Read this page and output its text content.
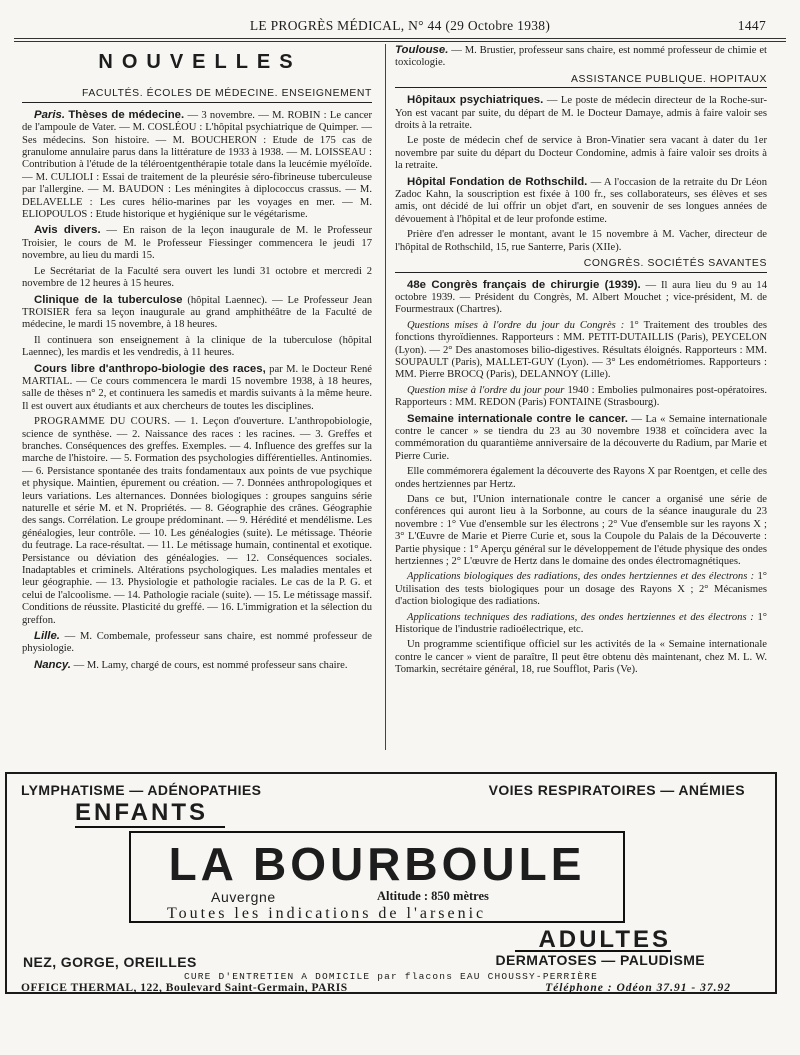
LE PROGRÈS MÉDICAL, N° 44 (29 Octobre 1938)	1447
NOUVELLES
FACULTÉS. ÉCOLES DE MÉDECINE. ENSEIGNEMENT

Paris. Thèses de médecine. — 3 novembre. — M. ROBIN : Le cancer de l'ampoule de Vater. — M. COSLÉOU : L'hôpital psychiatrique de Quimper. — Ses médecins. Son histoire. — M. BOUCHERON : Etude de 175 cas de granulome annulaire parus dans la littérature de 1933 à 1938. — M. LOISSEAU : Contribution à l'étude de la téléroentgenthérapie totale dans la leucémie myéloïde. — M. CULIOLI : Essai de traitement de la pleurésie séro-fibrineuse tuberculeuse par l'allergine. — M. BAUDON : Les méningites à diplococcus crassus. — M. DELAVELLE : Les cures hélio-marines par les voyages en mer. — M. ELIOPOULOS : Etude historique et hygiénique sur le végétarisme.

Avis divers. — En raison de la leçon inaugurale de M. le Professeur Troisier, le cours de M. le Professeur Fiessinger commencera le jeudi 17 novembre, au lieu du mardi 15.

Le Secrétariat de la Faculté sera ouvert les lundi 31 octobre et mercredi 2 novembre de 12 heures à 15 heures.

Clinique de la tuberculose (hôpital Laennec). — Le Professeur Jean TROISIER fera sa leçon inaugurale au grand amphithéâtre de la Faculté de médecine, le mardi 15 novembre, à 18 heures.

Il continuera son enseignement à la clinique de la tuberculose (hôpital Laennec), les mardis et les vendredis, à 11 heures.

Cours libre d'anthropo-biologie des races, par M. le Docteur René MARTIAL. — Ce cours commencera le mardi 15 novembre 1938, à 18 heures, salle de thèses n° 2, et continuera les samedis et mardis suivants à la même heure. Il est ouvert aux étudiants et aux chercheurs de toutes les disciplines.

PROGRAMME DU COURS. — 1. Leçon d'ouverture. L'anthropobiologie, science de synthèse. — 2. Naissance des races : les racines. — 3. Greffes et branches. Conséquences des greffes. Exemples. — 4. Influence des greffes sur la marche de l'histoire. — 5. Formation des psychologies différentielles. Antinomies. — 6. Persistance spontanée des traits fondamentaux aux points de vue psychique et physique. Maintien, épurement ou création. — 7. Données anthropologiques et leurs variations. Les alternances. Données biologiques : groupes sanguins série naturelle et série M. et N. Propriétés. — 8. Géographie des crânes. Géographie des sangs. Corrélation. Le groupe prédominant. — 9. Hérédité et mendélisme. Les généalogies, leur contrôle. — 10. Les généalogies (suite). Le métissage. Théorie du feutrage. La race-résultat. — 11. Le métissage humain, continental et exotique. Persistance ou déviation des généalogies. — 12. Conséquences sociales. Inadaptables et criminels. Altérations psychologiques. Les maladies mentales et leur géographie. — 13. Physiologie et pathologie raciales. Le cas de la P. G. et celui de l'alcoolisme. — 14. Pathologie raciale (suite). — 15. Le métissage massif. Conditions de réussite. Plasticité du greffé. — 16. L'immigration et la sélection du greffon.

Lille. — M. Combemale, professeur sans chaire, est nommé professeur de physiologie.

Nancy. — M. Lamy, chargé de cours, est nommé professeur sans chaire.

Toulouse. — M. Brustier, professeur sans chaire, est nommé professeur de chimie et toxicologie.

ASSISTANCE PUBLIQUE. HOPITAUX

Hôpitaux psychiatriques. — Le poste de médecin directeur de la Roche-sur-Yon est vacant par suite, du départ de M. le Docteur Damaye, admis à faire valoir ses droits à la retraite.

Le poste de médecin chef de service à Bron-Vinatier sera vacant à dater du 1er novembre par suite du départ du Docteur Condomine, admis à faire valoir ses droits à la retraite.

Hôpital Fondation de Rothschild. — A l'occasion de la retraite du Dr Léon Zadoc Kahn, la souscription est fixée à 100 fr., ses collaborateurs, ses élèves et ses amis, ont décidé de lui offrir un objet d'art, en souvenir de ses longues années de dévouement à l'hôpital et de leur profonde estime.

Prière d'en adresser le montant, avant le 15 novembre à M. Vacher, directeur de l'hôpital de Rothschild, 15, rue Santerre, Paris (XIIe).

CONGRÈS. SOCIÉTÉS SAVANTES

48e Congrès français de chirurgie (1939). — Il aura lieu du 9 au 14 octobre 1939. — Président du Congrès, M. Albert Mouchet ; vice-président, M. de Fourmestraux (Chartres).

Questions mises à l'ordre du jour du Congrès : 1° Traitement des troubles des fonctions thyroïdiennes. Rapporteurs : MM. PETIT-DUTAILLIS (Paris), PEYCELON (Lyon). — 2° Des anastomoses bilio-digestives. Résultats éloignés. Rapporteurs : MM. SOUPAULT (Paris), MALLET-GUY (Lyon). — 3° Les endométriomes. Rapporteurs : MM. Pierre BROCQ (Paris), DELANNOY (Lille).

Question mise à l'ordre du jour pour 1940 : Embolies pulmonaires post-opératoires. Rapporteurs : MM. REDON (Paris) FONTAINE (Strasbourg).

Semaine internationale contre le cancer. — La « Semaine internationale contre le cancer » se tiendra du 23 au 30 novembre 1938 et coïncidera avec la commémoration du quarantième anniversaire de la découverte du Radium, par Marie et Pierre Curie.

Elle commémorera également la découverte des Rayons X par Roentgen, et celle des ondes hertziennes par Hertz.

Dans ce but, l'Union internationale contre le cancer a organisé une série de conférences qui auront lieu à la Sorbonne, au cours de la séance inaugurale du 23 novembre : 1° Vue d'ensemble sur les électrons ; 2° Vue d'ensemble sur les rayons X ; 3° L'Œuvre de Marie et Pierre Curie et, sous la Coupole du Palais de la Découverte : Partie physique : 1° Aperçu général sur le développement de l'étude physique des ondes hertziennes ; 2° L'œuvre de Hertz dans le domaine des ondes électromagnétiques.

Applications biologiques des radiations, des ondes hertziennes et des électrons : 1° Utilisation des tests biologiques pour un dosage des Rayons X ; 2° Mécanismes d'action biologique des radiations.

Applications techniques des radiations, des ondes hertziennes et des électrons : 1° Historique de l'industrie radioélectrique, etc.

Un programme scientifique officiel sur les activités de la « Semaine internationale contre le cancer » vient de paraître, Il peut être obtenu dès maintenant, chez M. L. W. Tomarkin, secrétaire général, 18, rue Soufflot, Paris (Ve).

LYMPHATISME — ADÉNOPATHIES	VOIES RESPIRATOIRES — ANÉMIES
ENFANTS
LA BOURBOULE
Auvergne	Altitude : 850 mètres
Toutes les indications de l'arsenic
ADULTES
NEZ, GORGE, OREILLES	DERMATOSES — PALUDISME
CURE D'ENTRETIEN A DOMICILE par flacons EAU CHOUSSY-PERRIÈRE
OFFICE THERMAL, 122, Boulevard Saint-Germain, PARIS	Téléphone : Odéon 37.91 - 37.92
